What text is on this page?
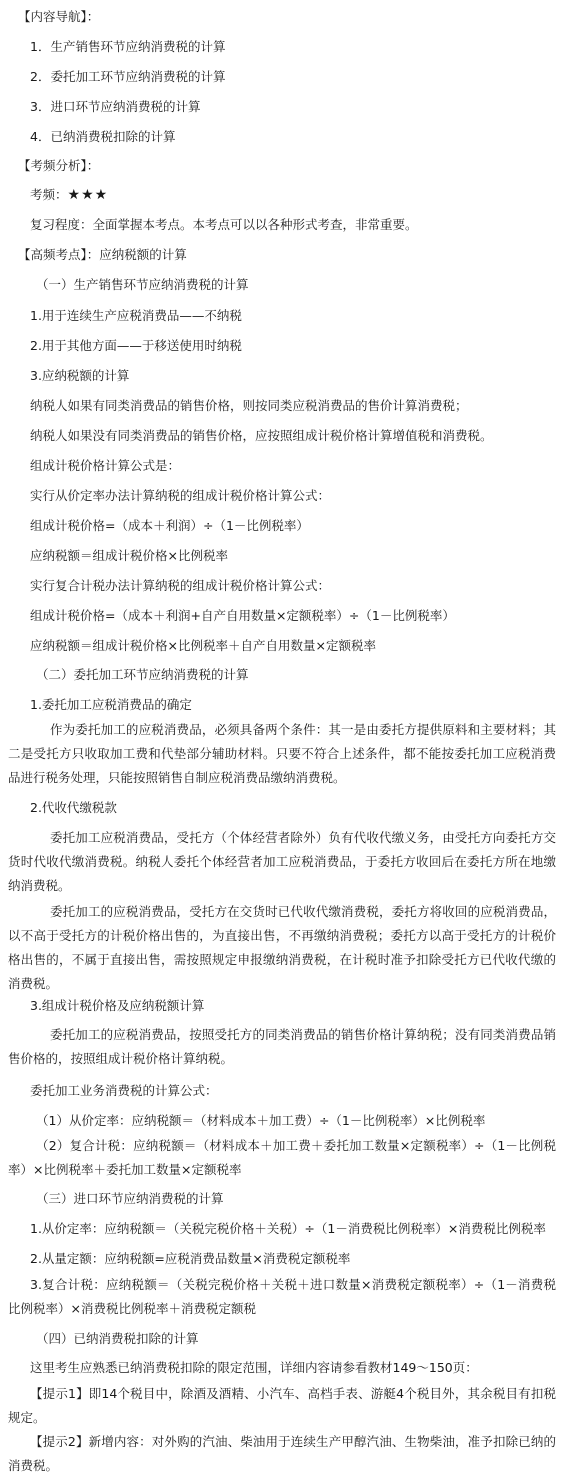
【内容导航】：
1．生产销售环节应纳消费税的计算
2．委托加工环节应纳消费税的计算
3．进口环节应纳消费税的计算
4．已纳消费税扣除的计算
【考频分析】：
考频：★★★
复习程度：全面掌握本考点。本考点可以以各种形式考查，非常重要。
【高频考点】：应纳税额的计算
（一）生产销售环节应纳消费税的计算
1.用于连续生产应税消费品——不纳税
2.用于其他方面——于移送使用时纳税
3.应纳税额的计算
纳税人如果有同类消费品的销售价格，则按同类应税消费品的售价计算消费税；
纳税人如果没有同类消费品的销售价格，应按照组成计税价格计算增值税和消费税。
组成计税价格计算公式是：
实行从价定率办法计算纳税的组成计税价格计算公式：
组成计税价格=（成本＋利润）÷（1－比例税率）
应纳税额＝组成计税价格×比例税率
实行复合计税办法计算纳税的组成计税价格计算公式：
组成计税价格=（成本＋利润+自产自用数量×定额税率）÷（1－比例税率）
应纳税额＝组成计税价格×比例税率＋自产自用数量×定额税率
（二）委托加工环节应纳消费税的计算
1.委托加工应税消费品的确定
作为委托加工的应税消费品，必须具备两个条件：其一是由委托方提供原料和主要材料；其二是受托方只收取加工费和代垫部分辅助材料。只要不符合上述条件，都不能按委托加工应税消费品进行税务处理，只能按照销售自制应税消费品缴纳消费税。
2.代收代缴税款
委托加工应税消费品，受托方（个体经营者除外）负有代收代缴义务，由受托方向委托方交货时代收代缴消费税。纳税人委托个体经营者加工应税消费品，于委托方收回后在委托方所在地缴纳消费税。
委托加工的应税消费品，受托方在交货时已代收代缴消费税，委托方将收回的应税消费品，以不高于受托方的计税价格出售的，为直接出售，不再缴纳消费税；委托方以高于受托方的计税价格出售的，不属于直接出售，需按照规定申报缴纳消费税，在计税时准予扣除受托方已代收代缴的消费税。
3.组成计税价格及应纳税额计算
委托加工的应税消费品，按照受托方的同类消费品的销售价格计算纳税；没有同类消费品销售价格的，按照组成计税价格计算纳税。
委托加工业务消费税的计算公式：
（1）从价定率：应纳税额＝（材料成本＋加工费）÷（1－比例税率）×比例税率
（2）复合计税：应纳税额＝（材料成本＋加工费＋委托加工数量×定额税率）÷（1－比例税率）×比例税率＋委托加工数量×定额税率
（三）进口环节应纳消费税的计算
1.从价定率：应纳税额＝（关税完税价格＋关税）÷（1－消费税比例税率）×消费税比例税率
2.从量定额：应纳税额=应税消费品数量×消费税定额税率
3.复合计税：应纳税额＝（关税完税价格＋关税＋进口数量×消费税定额税率）÷（1－消费税比例税率）×消费税比例税率＋消费税定额税
（四）已纳消费税扣除的计算
这里考生应熟悉已纳消费税扣除的限定范围，详细内容请参看教材149～150页：
【提示1】即14个税目中，除酒及酒精、小汽车、高档手表、游艇4个税目外，其余税目有扣税规定。
【提示2】新增内容：对外购的汽油、柴油用于连续生产甲醇汽油、生物柴油，准予扣除已纳的消费税。
